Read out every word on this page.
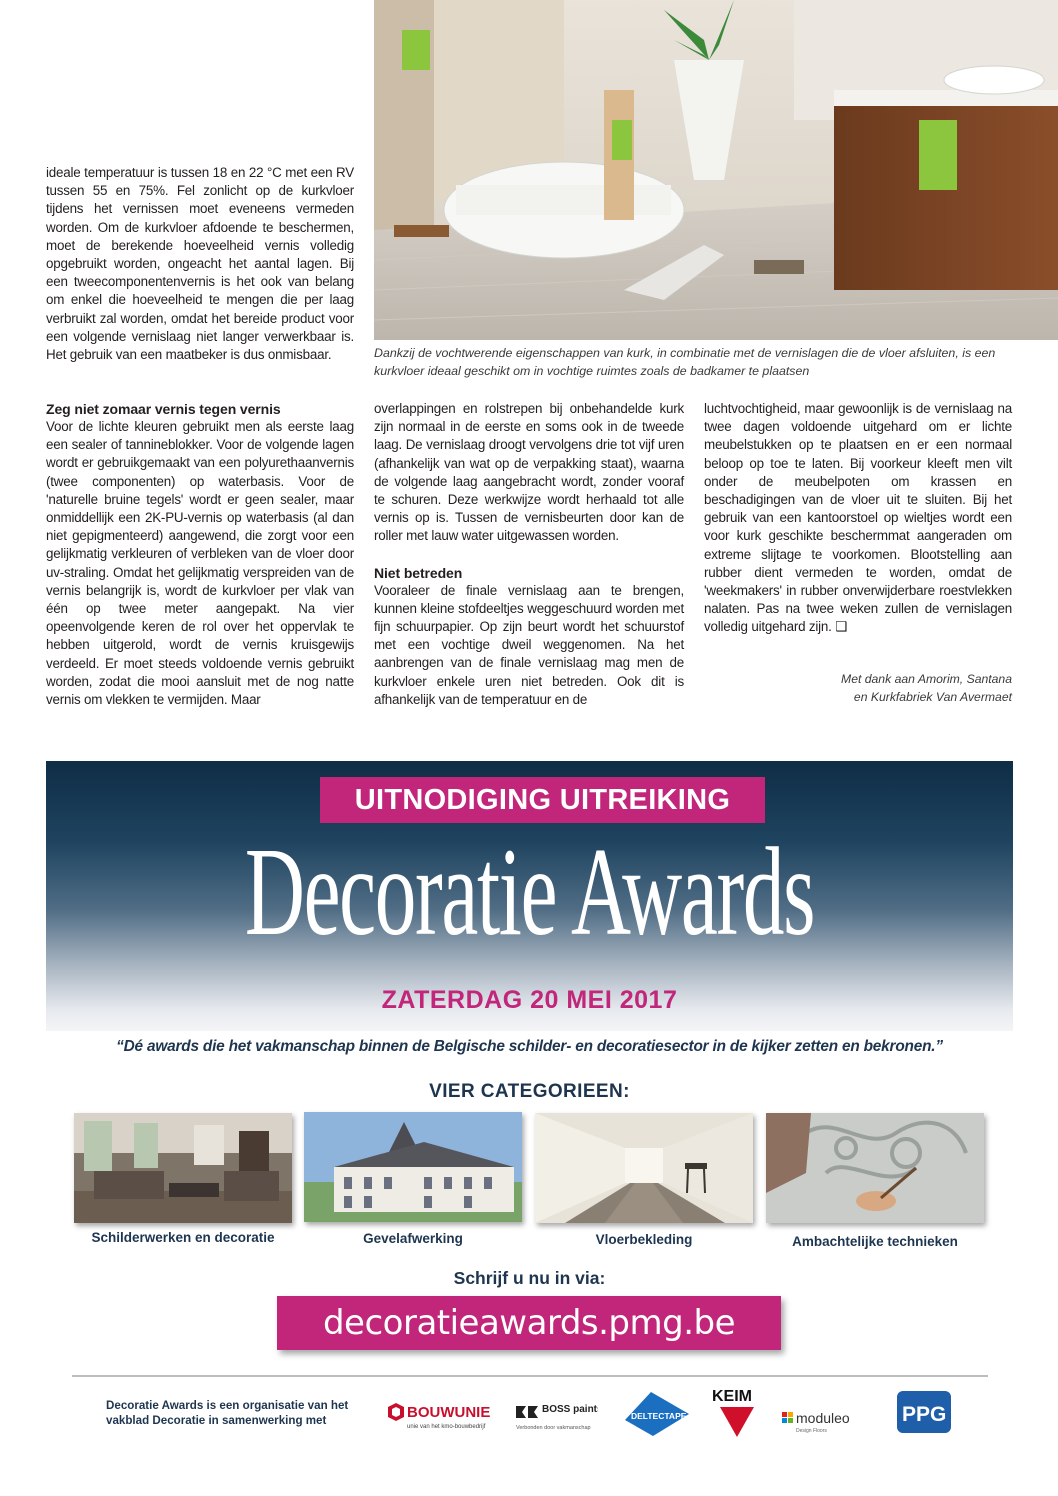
ideale temperatuur is tussen 18 en 22 °C met een RV tussen 55 en 75%. Fel zonlicht op de kurkvloer tijdens het vernissen moet eveneens vermeden worden. Om de kurkvloer afdoende te beschermen, moet de berekende hoeveelheid vernis volledig opgebruikt worden, ongeacht het aantal lagen. Bij een tweecomponentenvernis is het ook van belang om enkel die hoeveelheid te mengen die per laag verbruikt zal worden, omdat het bereide product voor een volgende vernislaag niet langer verwerkbaar is. Het gebruik van een maatbeker is dus onmisbaar.	Dankzij de vochtwerende eigenschappen van kurk, in combinatie met de vernislagen die de vloer afsluiten, is een kurkvloer ideaal geschikt om in vochtige ruimtes zoals de badkamer te plaatsen
Zeg niet zomaar vernis tegen vernis

Voor de lichte kleuren gebruikt men als eerste laag een sealer of tannineblokker. Voor de volgende lagen wordt er gebruikgemaakt van een polyurethaanvernis (twee componenten) op waterbasis. Voor de 'naturelle bruine tegels' wordt er geen sealer, maar onmiddellijk een 2K-PU-vernis op waterbasis (al dan niet gepigmenteerd) aangewend, die zorgt voor een gelijkmatig verkleuren of verbleken van de vloer door uv-straling. Omdat het gelijkmatig verspreiden van de vernis belangrijk is, wordt de kurkvloer per vlak van één op twee meter aangepakt. Na vier opeenvolgende keren de rol over het oppervlak te hebben uitgerold, wordt de vernis kruisgewijs verdeeld. Er moet steeds voldoende vernis gebruikt worden, zodat die mooi aansluit met de nog natte vernis om vlekken te vermijden. Maar

overlappingen en rolstrepen bij onbehandelde kurk zijn normaal in de eerste en soms ook in de tweede laag. De vernislaag droogt vervolgens drie tot vijf uren (afhankelijk van wat op de verpakking staat), waarna de volgende laag aangebracht wordt, zonder vooraf te schuren. Deze werkwijze wordt herhaald tot alle vernis op is. Tussen de vernisbeurten door kan de roller met lauw water uitgewassen worden.

Niet betreden

Vooraleer de finale vernislaag aan te brengen, kunnen kleine stofdeeltjes weggeschuurd worden met fijn schuurpapier. Op zijn beurt wordt het schuurstof met een vochtige dweil weggenomen. Na het aanbrengen van de finale vernislaag mag men de kurkvloer enkele uren niet betreden. Ook dit is afhankelijk van de temperatuur en de

luchtvochtigheid, maar gewoonlijk is de vernislaag na twee dagen voldoende uitgehard om er lichte meubelstukken op te plaatsen en er een normaal beloop op toe te laten. Bij voorkeur kleeft men vilt onder de meubelpoten om krassen en beschadigingen van de vloer uit te sluiten. Bij het gebruik van een kantoorstoel op wieltjes wordt een voor kurk geschikte beschermmat aangeraden om extreme slijtage te voorkomen. Blootstelling aan rubber dient vermeden te worden, omdat de 'weekmakers' in rubber onverwijderbare roestvlekken nalaten. Pas na twee weken zullen de vernislagen volledig uitgehard zijn. ❑

Met dank aan Amorim, Santana
en Kurkfabriek Van Avermaet
UITNODIGING UITREIKING
Decoratie Awards
ZATERDAG 20 MEI 2017
“Dé awards die het vakmanschap binnen de Belgische schilder- en decoratiesector in de kijker zetten en bekronen.”
VIER CATEGORIEEN:
Schilderwerken en decoratie	Gevelafwerking	Vloerbekleding	Ambachtelijke technieken
Schrijf u nu in via:
decoratieawards.pmg.be
Decoratie Awards is een organisatie van het vakblad Decoratie in samenwerking met	BOUWUNIE
unie van het kmo-bouwbedrijf
BOSS paints
Verbonden door vakmanschap
DELTECTAPE
KEIM
moduleo
Design Floors
PPG
